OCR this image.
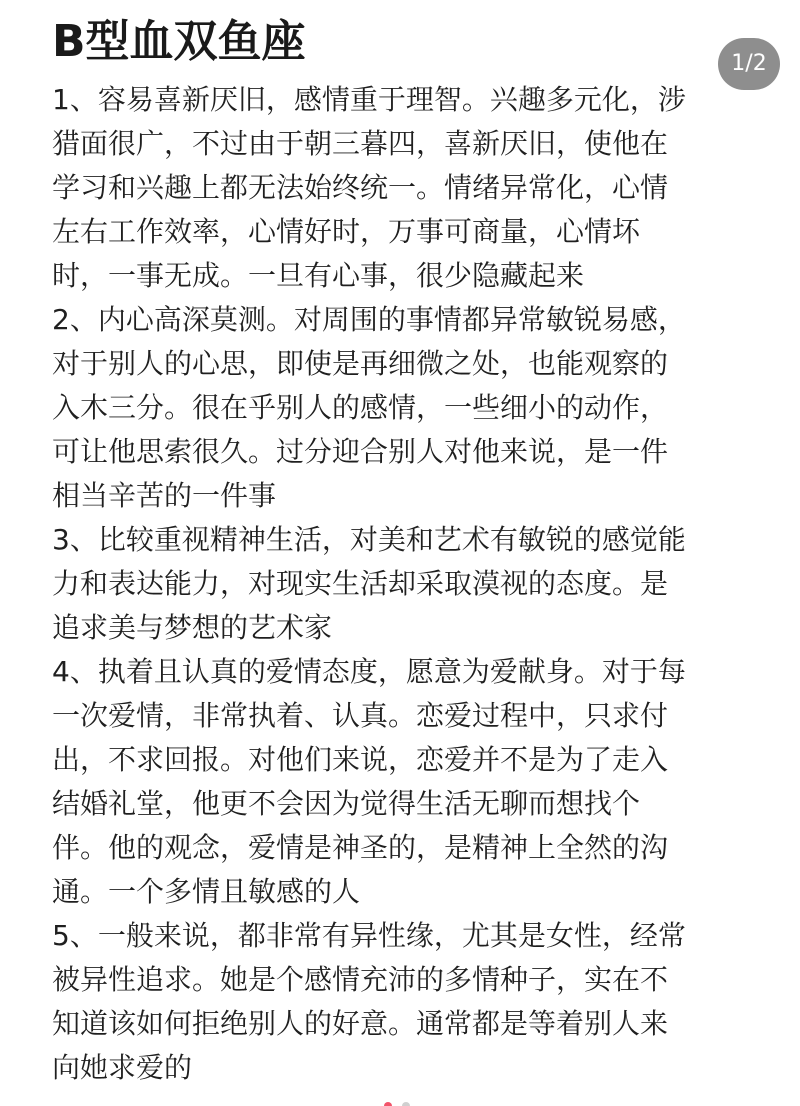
B型血双鱼座	1/2
1、容易喜新厌旧，感情重于理智。兴趣多元化，涉
猎面很广，不过由于朝三暮四，喜新厌旧，使他在
学习和兴趣上都无法始终统一。情绪异常化，心情
左右工作效率，心情好时，万事可商量，心情坏
时，一事无成。一旦有心事，很少隐藏起来
2、内心高深莫测。对周围的事情都异常敏锐易感，
对于别人的心思，即使是再细微之处，也能观察的
入木三分。很在乎别人的感情，一些细小的动作，
可让他思索很久。过分迎合别人对他来说，是一件
相当辛苦的一件事
3、比较重视精神生活，对美和艺术有敏锐的感觉能
力和表达能力，对现实生活却采取漠视的态度。是
追求美与梦想的艺术家
4、执着且认真的爱情态度，愿意为爱献身。对于每
一次爱情，非常执着、认真。恋爱过程中，只求付
出，不求回报。对他们来说，恋爱并不是为了走入
结婚礼堂，他更不会因为觉得生活无聊而想找个
伴。他的观念，爱情是神圣的，是精神上全然的沟
通。一个多情且敏感的人
5、一般来说，都非常有异性缘，尤其是女性，经常
被异性追求。她是个感情充沛的多情种子，实在不
知道该如何拒绝别人的好意。通常都是等着别人来
向她求爱的
